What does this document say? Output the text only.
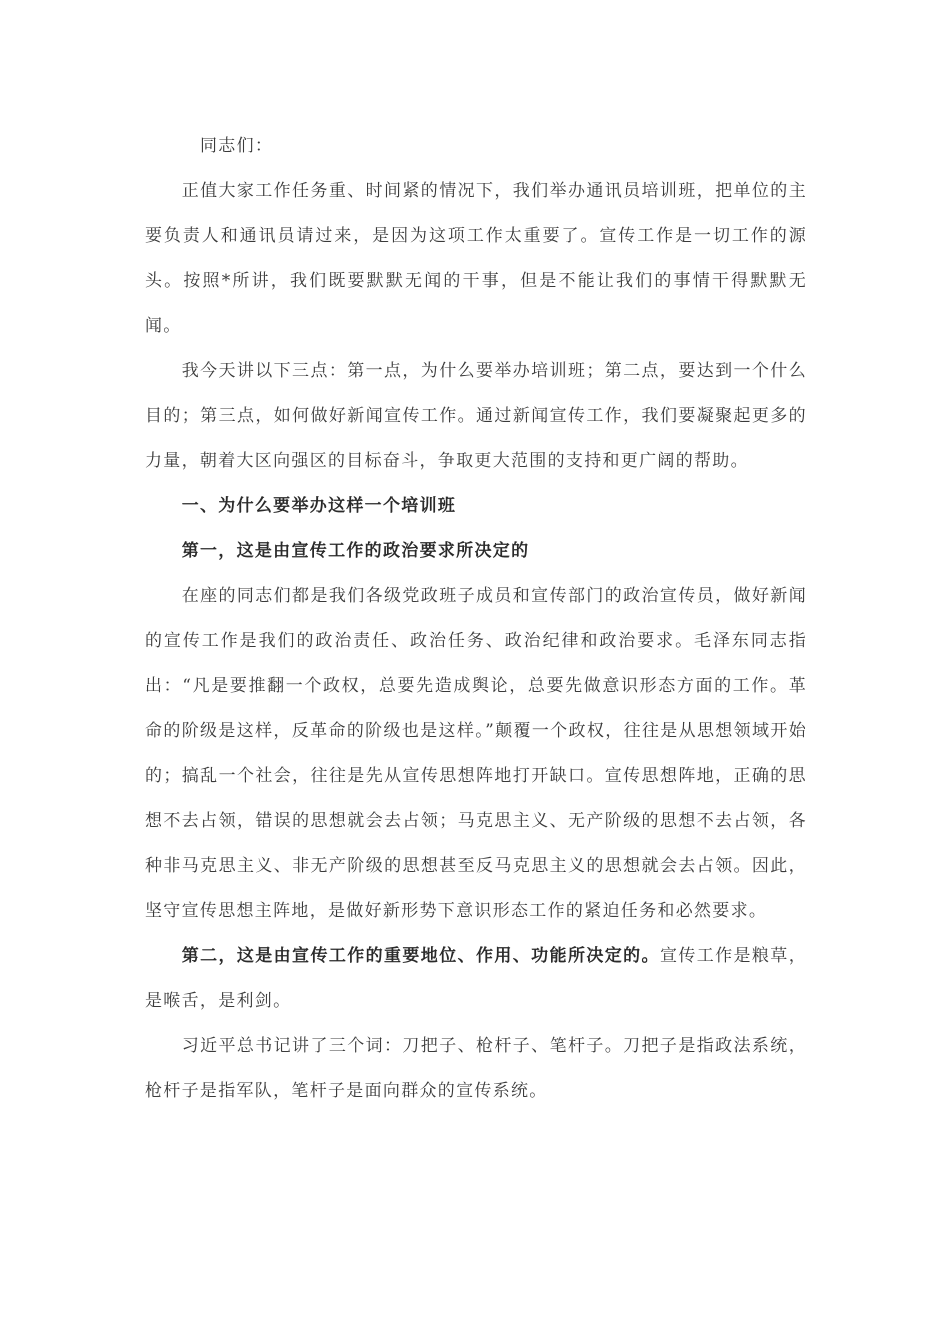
同志们：

正值大家工作任务重、时间紧的情况下，我们举办通讯员培训班，把单位的主要负责人和通讯员请过来，是因为这项工作太重要了。宣传工作是一切工作的源头。按照*所讲，我们既要默默无闻的干事，但是不能让我们的事情干得默默无闻。

我今天讲以下三点：第一点，为什么要举办培训班；第二点，要达到一个什么目的；第三点，如何做好新闻宣传工作。通过新闻宣传工作，我们要凝聚起更多的力量，朝着大区向强区的目标奋斗，争取更大范围的支持和更广阔的帮助。

一、为什么要举办这样一个培训班

第一，这是由宣传工作的政治要求所决定的

在座的同志们都是我们各级党政班子成员和宣传部门的政治宣传员，做好新闻的宣传工作是我们的政治责任、政治任务、政治纪律和政治要求。毛泽东同志指出：“凡是要推翻一个政权，总要先造成舆论，总要先做意识形态方面的工作。革命的阶级是这样，反革命的阶级也是这样。”颠覆一个政权，往往是从思想领域开始的；搞乱一个社会，往往是先从宣传思想阵地打开缺口。宣传思想阵地，正确的思想不去占领，错误的思想就会去占领；马克思主义、无产阶级的思想不去占领，各种非马克思主义、非无产阶级的思想甚至反马克思主义的思想就会去占领。因此，坚守宣传思想主阵地，是做好新形势下意识形态工作的紧迫任务和必然要求。

第二，这是由宣传工作的重要地位、作用、功能所决定的。宣传工作是粮草，是喉舌，是利剑。

习近平总书记讲了三个词：刀把子、枪杆子、笔杆子。刀把子是指政法系统，枪杆子是指军队，笔杆子是面向群众的宣传系统。
